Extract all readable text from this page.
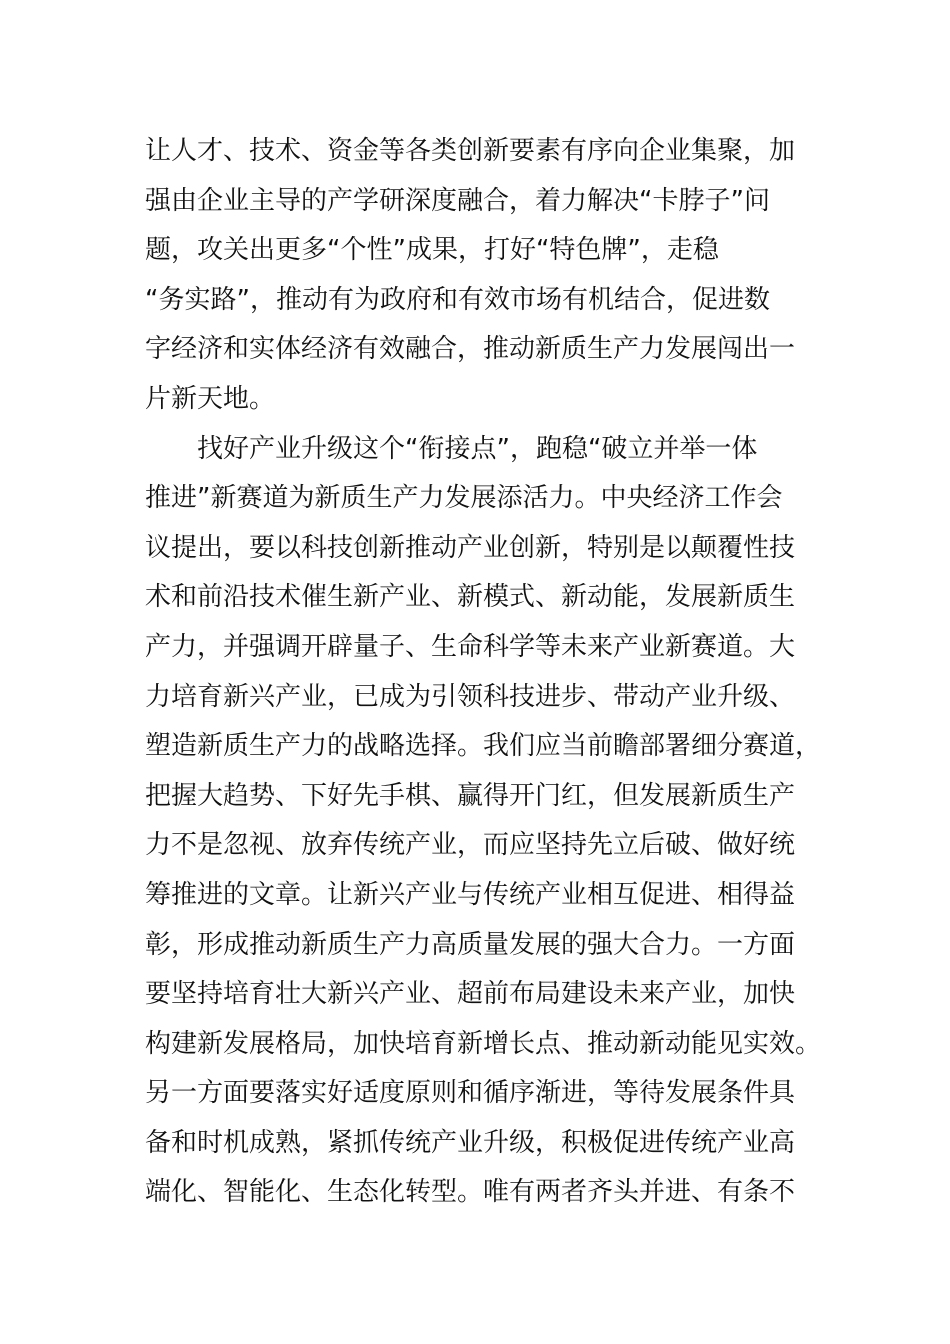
让人才、技术、资金等各类创新要素有序向企业集聚，加
强由企业主导的产学研深度融合，着力解决“卡脖子”问
题，攻关出更多“个性”成果，打好“特色牌”，走稳
“务实路”，推动有为政府和有效市场有机结合，促进数
字经济和实体经济有效融合，推动新质生产力发展闯出一
片新天地。
　　找好产业升级这个“衔接点”，跑稳“破立并举一体
推进”新赛道为新质生产力发展添活力。中央经济工作会
议提出，要以科技创新推动产业创新，特别是以颠覆性技
术和前沿技术催生新产业、新模式、新动能，发展新质生
产力，并强调开辟量子、生命科学等未来产业新赛道。大
力培育新兴产业，已成为引领科技进步、带动产业升级、
塑造新质生产力的战略选择。我们应当前瞻部署细分赛道，
把握大趋势、下好先手棋、赢得开门红，但发展新质生产
力不是忽视、放弃传统产业，而应坚持先立后破、做好统
筹推进的文章。让新兴产业与传统产业相互促进、相得益
彰，形成推动新质生产力高质量发展的强大合力。一方面
要坚持培育壮大新兴产业、超前布局建设未来产业，加快
构建新发展格局，加快培育新增长点、推动新动能见实效。
另一方面要落实好适度原则和循序渐进，等待发展条件具
备和时机成熟，紧抓传统产业升级，积极促进传统产业高
端化、智能化、生态化转型。唯有两者齐头并进、有条不
